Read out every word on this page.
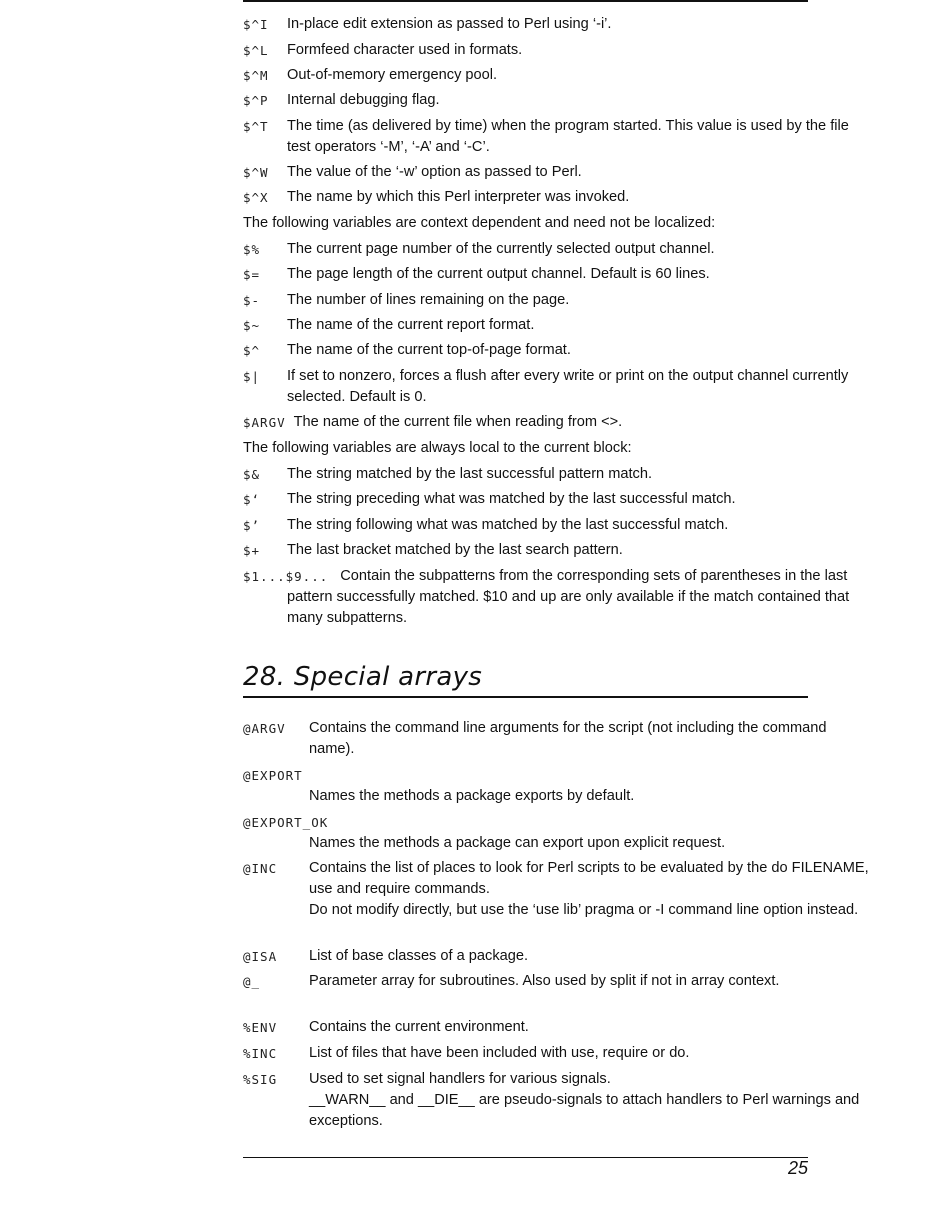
$^I In-place edit extension as passed to Perl using ‘-i’.
$^L Formfeed character used in formats.
$^M Out-of-memory emergency pool.
$^P Internal debugging flag.
$^T The time (as delivered by time) when the program started. This value is used by the file test operators ‘-M’, ‘-A’ and ‘-C’.
$^W The value of the ‘-w’ option as passed to Perl.
$^X The name by which this Perl interpreter was invoked.
The following variables are context dependent and need not be localized:
$% The current page number of the currently selected output channel.
$= The page length of the current output channel. Default is 60 lines.
$- The number of lines remaining on the page.
$~ The name of the current report format.
$^ The name of the current top-of-page format.
$| If set to nonzero, forces a flush after every write or print on the output channel currently selected. Default is 0.
$ARGV The name of the current file when reading from <>.
The following variables are always local to the current block:
$& The string matched by the last successful pattern match.
$‘ The string preceding what was matched by the last successful match.
$’ The string following what was matched by the last successful match.
$+ The last bracket matched by the last search pattern.
$1...$9... Contain the subpatterns from the corresponding sets of parentheses in the last pattern successfully matched. $10 and up are only available if the match contained that many subpatterns.
28. Special arrays
@ARGV Contains the command line arguments for the script (not including the command name).
@EXPORT
Names the methods a package exports by default.
@EXPORT_OK
Names the methods a package can export upon explicit request.
@INC Contains the list of places to look for Perl scripts to be evaluated by the do FILENAME, use and require commands.
Do not modify directly, but use the ‘use lib’ pragma or -I command line option instead.
@ISA List of base classes of a package.
@_	Parameter array for subroutines. Also used by split if not in array context.
%ENV Contains the current environment.
%INC List of files that have been included with use, require or do.
%SIG Used to set signal handlers for various signals.
__WARN__ and __DIE__ are pseudo-signals to attach handlers to Perl warnings and exceptions.
25
